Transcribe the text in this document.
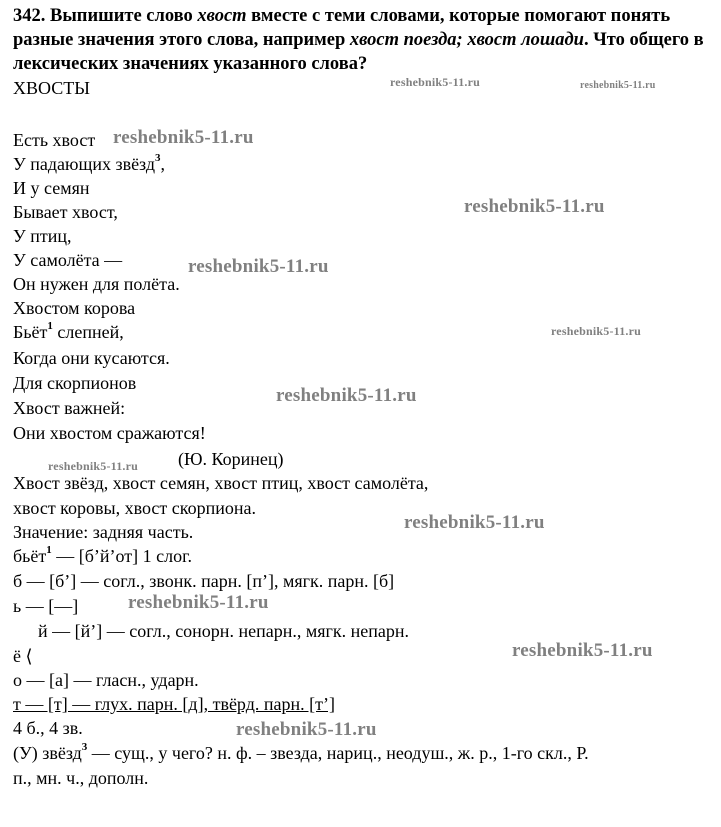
342. Выпишите слово хвост вместе с теми словами, которые помогают понять разные значения этого слова, например хвост поезда; хвост лошади. Что общего в лексических значениях указанного слова?
ХВОСТЫ
Есть хвост
У падающих звёзд$^3$,
И у семян
Бывает хвост,
У птиц,
У самолёта —
Он нужен для полёта.
Хвостом корова
Бьёт$^1$ слепней,
Когда они кусаются.
Для скорпионов
Хвост важней:
Они хвостом сражаются!
(Ю. Коринец)
Хвост звёзд, хвост семян, хвост птиц, хвост самолёта,
хвост коровы, хвост скорпиона.
Значение: задняя часть.
бьёт$^1$ — [б’й’от] 1 слог.
б — [б’] — согл., звонк. парн. [п’], мягк. парн. [б]
ь — [—]
й — [й’] — согл., сонорн. непарн., мягк. непарн.
ё ⟨
о — [а] — гласн., ударн.
т — [т] — глух. парн. [д], твёрд. парн. [т’]
4 б., 4 зв.
(У) звёзд$^3$ — сущ., у чего? н. ф. – звезда, нариц., неодуш., ж. р., 1-го скл., Р.
п., мн. ч., дополн.
reshebnik5-11.ru	reshebnik5-11.ru
reshebnik5-11.ru
reshebnik5-11.ru
reshebnik5-11.ru
reshebnik5-11.ru
reshebnik5-11.ru
reshebnik5-11.ru
reshebnik5-11.ru
reshebnik5-11.ru
reshebnik5-11.ru
reshebnik5-11.ru
